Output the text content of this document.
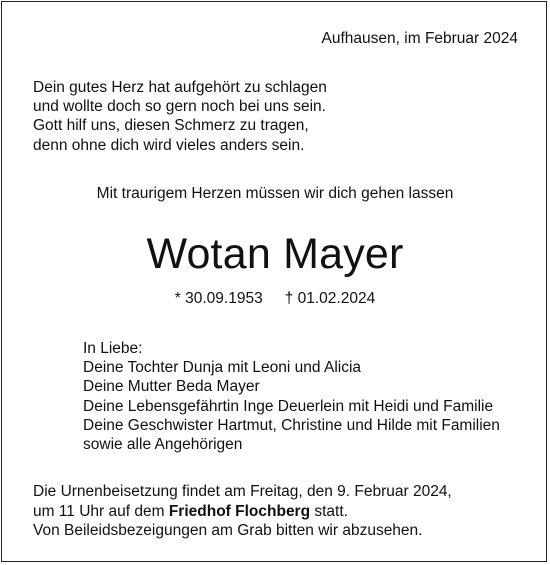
Aufhausen, im Februar 2024
Dein gutes Herz hat aufgehört zu schlagen
und wollte doch so gern noch bei uns sein.
Gott hilf uns, diesen Schmerz zu tragen,
denn ohne dich wird vieles anders sein.
Mit traurigem Herzen müssen wir dich gehen lassen
Wotan Mayer
* 30.09.1953 † 01.02.2024
In Liebe:
Deine Tochter Dunja mit Leoni und Alicia
Deine Mutter Beda Mayer
Deine Lebensgefährtin Inge Deuerlein mit Heidi und Familie
Deine Geschwister Hartmut, Christine und Hilde mit Familien
sowie alle Angehörigen
Die Urnenbeisetzung findet am Freitag, den 9. Februar 2024,
um 11 Uhr auf dem Friedhof Flochberg statt.
Von Beileidsbezeigungen am Grab bitten wir abzusehen.
